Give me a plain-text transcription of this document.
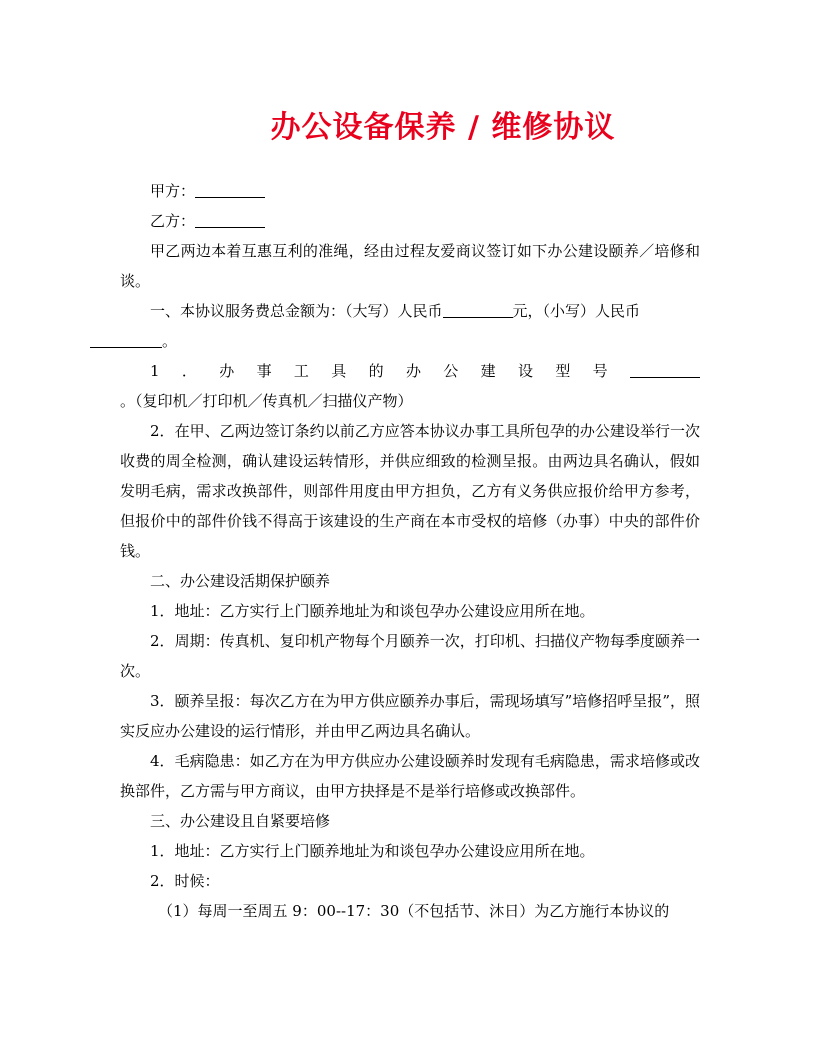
办公设备保养 / 维修协议

甲方：

乙方：

甲乙两边本着互惠互利的准绳，经由过程友爱商议签订如下办公建设颐养／培修和谈。

一、本协议服务费总金额为：（大写）人民币	元，（小写）人民币
。

1．办事工具的办公建设型号。（复印机／打印机／传真机／扫描仪产物）

2．在甲、乙两边签订条约以前乙方应答本协议办事工具所包孕的办公建设举行一次收费的周全检测，确认建设运转情形，并供应细致的检测呈报。由两边具名确认，假如发明毛病，需求改换部件，则部件用度由甲方担负，乙方有义务供应报价给甲方参考，但报价中的部件价钱不得高于该建设的生产商在本市受权的培修（办事）中央的部件价钱。

二、办公建设活期保护颐养

1．地址：乙方实行上门颐养地址为和谈包孕办公建设应用所在地。

2．周期：传真机、复印机产物每个月颐养一次，打印机、扫描仪产物每季度颐养一次。

3．颐养呈报：每次乙方在为甲方供应颐养办事后，需现场填写”培修招呼呈报”，照实反应办公建设的运行情形，并由甲乙两边具名确认。

4．毛病隐患：如乙方在为甲方供应办公建设颐养时发现有毛病隐患，需求培修或改换部件，乙方需与甲方商议，由甲方抉择是不是举行培修或改换部件。

三、办公建设且自紧要培修

1．地址：乙方实行上门颐养地址为和谈包孕办公建设应用所在地。

2．时候：

（1）每周一至周五 9：00--17：30（不包括节、沐日）为乙方施行本协议的
